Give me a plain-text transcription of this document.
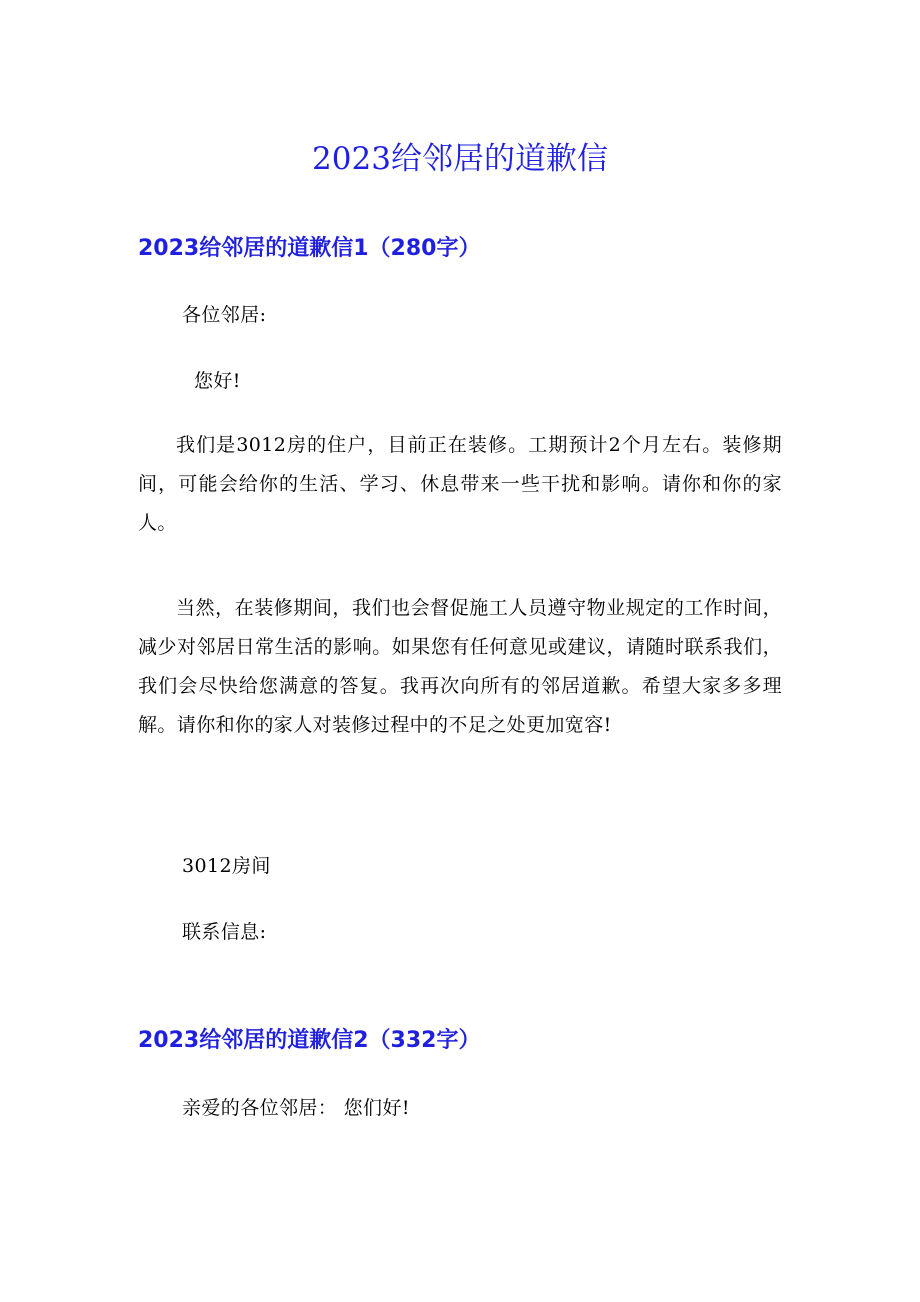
2023给邻居的道歉信
2023给邻居的道歉信1（280字）

各位邻居:

您好!

我们是3012房的住户，目前正在装修。工期预计2个月左右。装修期间，可能会给你的生活、学习、休息带来一些干扰和影响。请你和你的家人。

当然，在装修期间，我们也会督促施工人员遵守物业规定的工作时间，减少对邻居日常生活的影响。如果您有任何意见或建议，请随时联系我们，我们会尽快给您满意的答复。我再次向所有的邻居道歉。希望大家多多理解。请你和你的家人对装修过程中的不足之处更加宽容!

3012房间

联系信息:

2023给邻居的道歉信2（332字）

亲爱的各位邻居： 您们好!
